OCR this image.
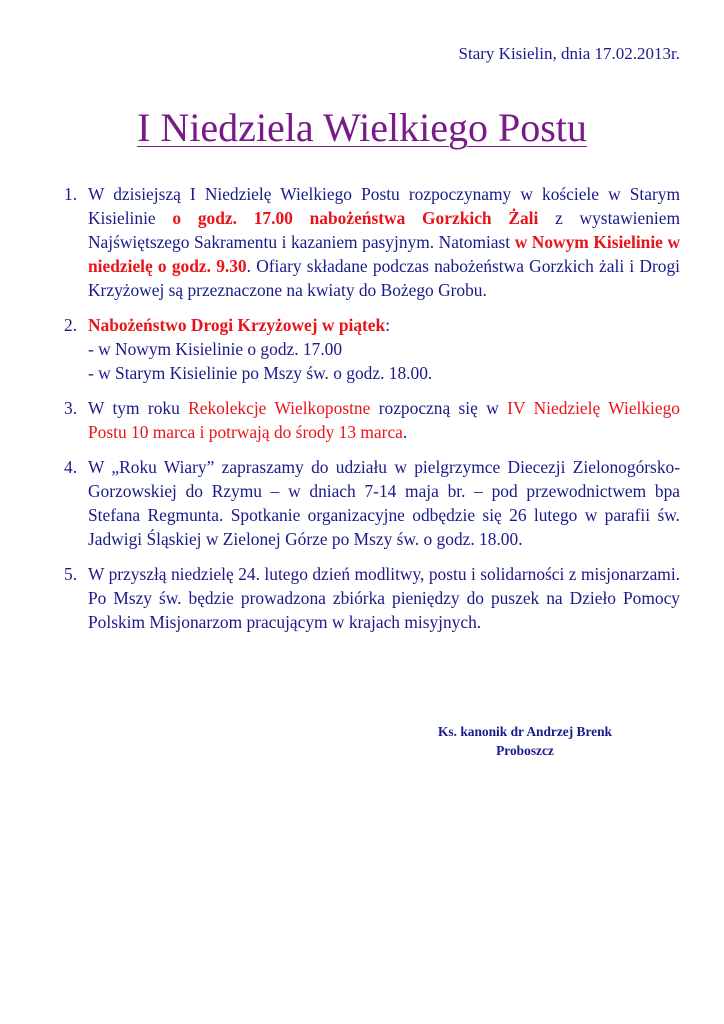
Stary Kisielin, dnia 17.02.2013r.
I Niedziela Wielkiego Postu
1. W dzisiejszą I Niedzielę Wielkiego Postu rozpoczynamy w kościele w Starym Kisielinie o godz. 17.00 nabożeństwa Gorzkich Żali z wystawieniem Najświętszego Sakramentu i kazaniem pasyjnym. Natomiast w Nowym Kisielinie w niedzielę o godz. 9.30. Ofiary składane podczas nabożeństwa Gorzkich żali i Drogi Krzyżowej są przeznaczone na kwiaty do Bożego Grobu.
2. Nabożeństwo Drogi Krzyżowej w piątek:
- w Nowym Kisielinie o godz. 17.00
- w Starym Kisielinie po Mszy św. o godz. 18.00.
3. W tym roku Rekolekcje Wielkopostne rozpoczną się w IV Niedzielę Wielkiego Postu 10 marca i potrwają do środy 13 marca.
4. W „Roku Wiary” zapraszamy do udziału w pielgrzymce Diecezji Zielonogórsko-Gorzowskiej do Rzymu – w dniach 7-14 maja br. – pod przewodnictwem bpa Stefana Regmunta. Spotkanie organizacyjne odbędzie się 26 lutego w parafii św. Jadwigi Śląskiej w Zielonej Górze po Mszy św. o godz. 18.00.
5. W przyszłą niedzielę 24. lutego dzień modlitwy, postu i solidarności z misjonarzami. Po Mszy św. będzie prowadzona zbiórka pieniędzy do puszek na Dzieło Pomocy Polskim Misjonarzom pracującym w krajach misyjnych.
Ks. kanonik dr Andrzej Brenk
Proboszcz
